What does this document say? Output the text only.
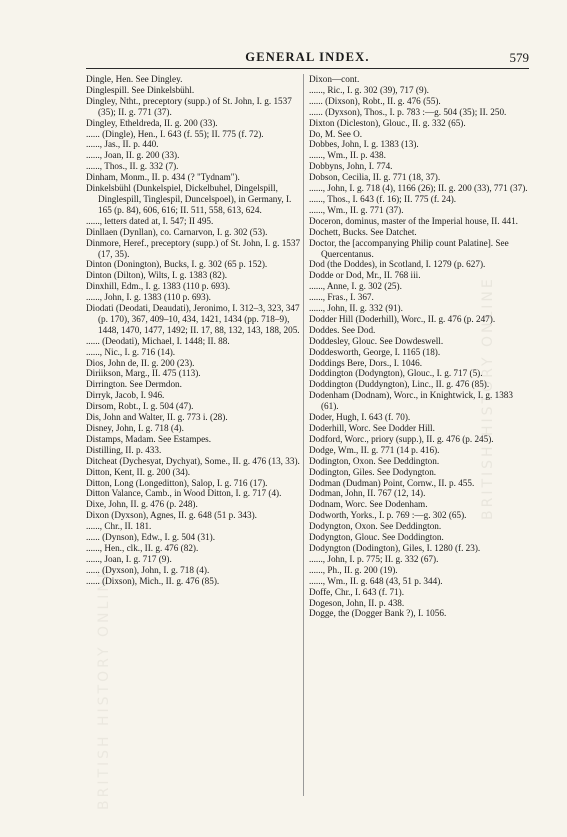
BRITISH HISTORY ONLINE
BRITISH HISTORY ONLINE
GENERAL INDEX.	579

Dingle, Hen. See Dingley.

Dinglespill. See Dinkelsbühl.

Dingley, Ntht., preceptory (supp.) of St. John, I. g. 1537 (35); II. g. 771 (37).

Dingley, Etheldreda, II. g. 200 (33).

...... (Dingle), Hen., I. 643 (f. 55); II. 775 (f. 72).

......, Jas., II. p. 440.

......, Joan, II. g. 200 (33).

......, Thos., II. g. 332 (7).

Dinham, Monm., II. p. 434 (? "Tydnam").

Dinkelsbühl (Dunkelspiel, Dickelbuhel, Dingelspill, Dinglespill, Tinglespil, Duncelspoel), in Germany, I. 165 (p. 84), 606, 616; II. 511, 558, 613, 624.

......, letters dated at, I. 547; II 495.

Dinllaen (Dynllan), co. Carnarvon, I. g. 302 (53).

Dinmore, Heref., preceptory (supp.) of St. John, I. g. 1537 (17, 35).

Dinton (Donington), Bucks, I. g. 302 (65 p. 152).

Dinton (Dilton), Wilts, I. g. 1383 (82).

Dinxhill, Edm., I. g. 1383 (110 p. 693).

......, John, I. g. 1383 (110 p. 693).

Diodati (Deodati, Deaudati), Jeronimo, I. 312–3, 323, 347 (p. 170), 367, 409–10, 434, 1421, 1434 (pp. 718–9), 1448, 1470, 1477, 1492; II. 17, 88, 132, 143, 188, 205.

...... (Deodati), Michael, I. 1448; II. 88.

......, Nic., I. g. 716 (14).

Dios, John de, II. g. 200 (23).

Diriikson, Marg., II. 475 (113).

Dirrington. See Dermdon.

Dirryk, Jacob, I. 946.

Dirsom, Robt., I. g. 504 (47).

Dis, John and Walter, II. g. 773 i. (28).

Disney, John, I. g. 718 (4).

Distamps, Madam. See Estampes.

Distilling, II. p. 433.

Ditcheat (Dychesyat, Dychyat), Some., II. g. 476 (13, 33).

Ditton, Kent, II. g. 200 (34).

Ditton, Long (Longeditton), Salop, I. g. 716 (17).

Ditton Valance, Camb., in Wood Ditton, I. g. 717 (4).

Dixe, John, II. g. 476 (p. 248).

Dixon (Dyxson), Agnes, II. g. 648 (51 p. 343).

......, Chr., II. 181.

...... (Dynson), Edw., I. g. 504 (31).

......, Hen., clk., II. g. 476 (82).

......, Joan, I. g. 717 (9).

...... (Dyxson), John, I. g. 718 (4).

...... (Dixson), Mich., II. g. 476 (85).

Dixon—cont.

......, Ric., I. g. 302 (39), 717 (9).

...... (Dixson), Robt., II. g. 476 (55).

...... (Dyxson), Thos., I. p. 783 :—g. 504 (35); II. 250.

Dixton (Dicleston), Glouc., II. g. 332 (65).

Do, M. See O.

Dobbes, John, I. g. 1383 (13).

......, Wm., II. p. 438.

Dobbyns, John, I. 774.

Dobson, Cecilia, II. g. 771 (18, 37).

......, John, I. g. 718 (4), 1166 (26); II. g. 200 (33), 771 (37).

......, Thos., I. 643 (f. 16); II. 775 (f. 24).

......, Wm., II. g. 771 (37).

Doceron, dominus, master of the Imperial house, II. 441.

Dochett, Bucks. See Datchet.

Doctor, the [accompanying Philip count Palatine]. See Quercentanus.

Dod (the Doddes), in Scotland, I. 1279 (p. 627).

Dodde or Dod, Mr., II. 768 iii.

......, Anne, I. g. 302 (25).

......, Fras., I. 367.

......, John, II. g. 332 (91).

Dodder Hill (Doderhill), Worc., II. g. 476 (p. 247).

Doddes. See Dod.

Doddesley, Glouc. See Dowdeswell.

Doddesworth, George, I. 1165 (18).

Doddings Bere, Dors., I. 1046.

Doddington (Dodyngton), Glouc., I. g. 717 (5).

Doddington (Duddyngton), Linc., II. g. 476 (85).

Dodenham (Dodnam), Worc., in Knightwick, I. g. 1383 (61).

Doder, Hugh, I. 643 (f. 70).

Doderhill, Worc. See Dodder Hill.

Dodford, Worc., priory (supp.), II. g. 476 (p. 245).

Dodge, Wm., II. g. 771 (14 p. 416).

Dodington, Oxon. See Deddington.

Dodington, Giles. See Dodyngton.

Dodman (Dudman) Point, Cornw., II. p. 455.

Dodman, John, II. 767 (12, 14).

Dodnam, Worc. See Dodenham.

Dodworth, Yorks., I. p. 769 :—g. 302 (65).

Dodyngton, Oxon. See Deddington.

Dodyngton, Glouc. See Doddington.

Dodyngton (Dodington), Giles, I. 1280 (f. 23).

......, John, I. p. 775; II. g. 332 (67).

......, Ph., II. g. 200 (19).

......, Wm., II. g. 648 (43, 51 p. 344).

Doffe, Chr., I. 643 (f. 71).

Dogeson, John, II. p. 438.

Dogge, the (Dogger Bank ?), I. 1056.
